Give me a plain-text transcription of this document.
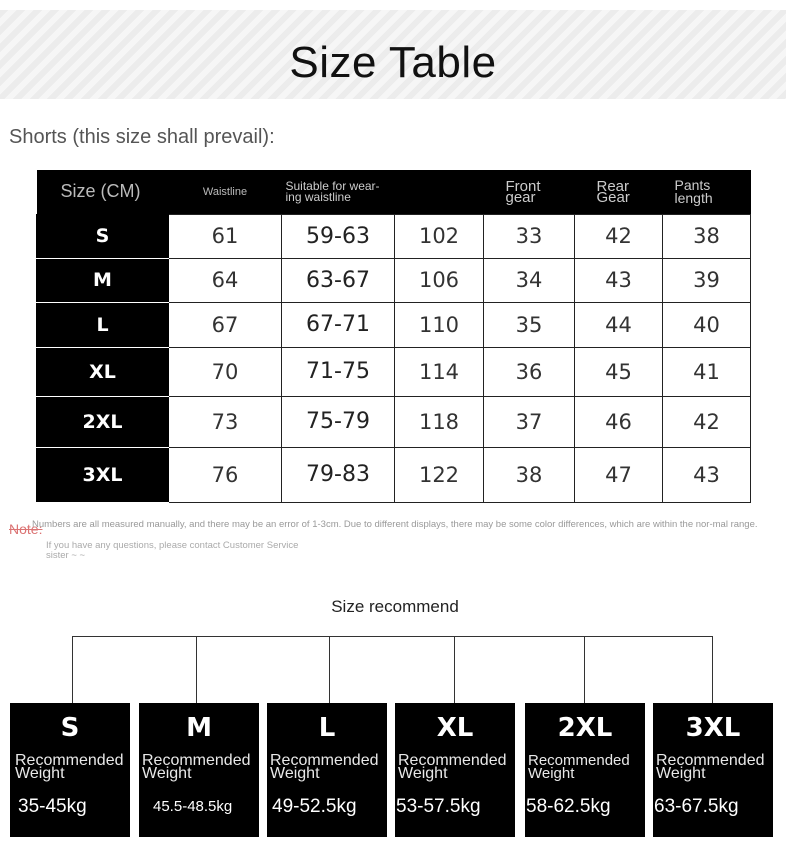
Size Table
Shorts (this size shall prevail):
Size (CM)	Waistline	Suitable for wear-ing waistline		Front gear	Rear Gear	Pants length
S	61	59-63	102	33	42	38
M	64	63-67	106	34	43	39
L	67	67-71	110	35	44	40
XL	70	71-75	114	36	45	41
2XL	73	75-79	118	37	46	42
3XL	76	79-83	122	38	47	43
Note:
Numbers are all measured manually, and there may be an error of 1-3cm. Due to different displays, there may be some color differences, which are within the nor-mal range.
If you have any questions, please contact Customer Service sister ~ ~
Size recommend
S
Recommended Weight
35-45kg
M
Recommended Weight
45.5-48.5kg
L
Recommended Weight
49-52.5kg
XL
Recommended Weight
53-57.5kg
2XL
Recommended Weight
58-62.5kg
3XL
Recommended Weight
63-67.5kg
